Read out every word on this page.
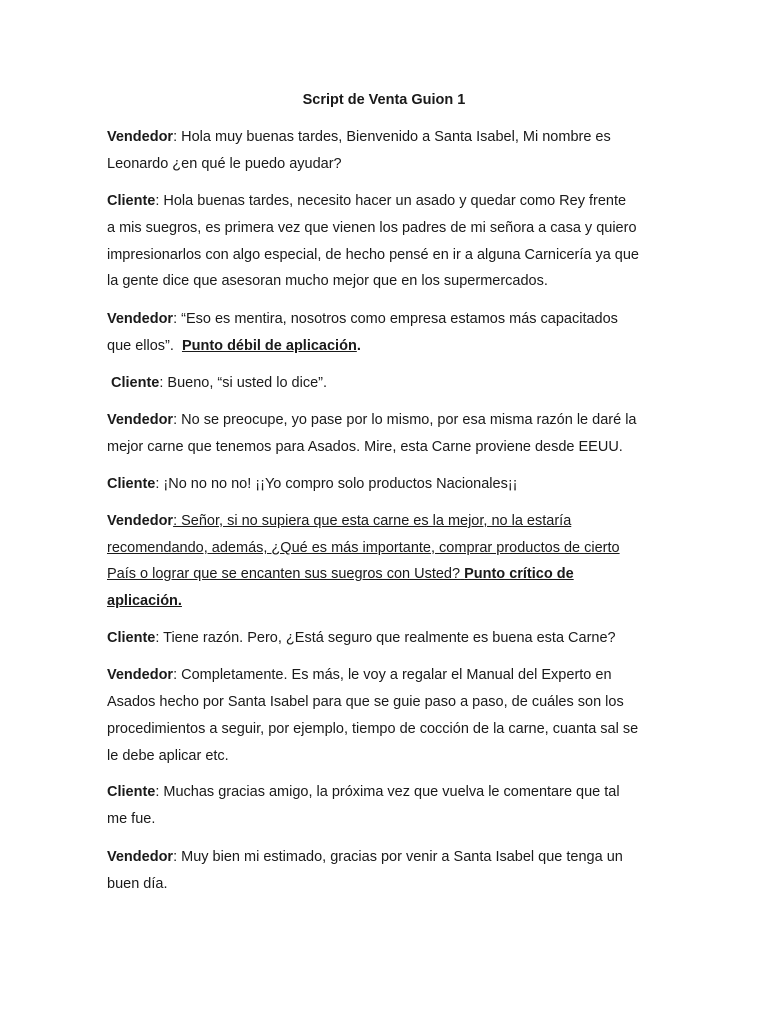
Script de Venta Guion 1
Vendedor: Hola muy buenas tardes, Bienvenido a Santa Isabel, Mi nombre es
Leonardo ¿en qué le puedo ayudar?
Cliente: Hola buenas tardes, necesito hacer un asado y quedar como Rey frente
a mis suegros, es primera vez que vienen los padres de mi señora a casa y quiero
impresionarlos con algo especial, de hecho pensé en ir a alguna Carnicería ya que
la gente dice que asesoran mucho mejor que en los supermercados.
Vendedor: “Eso es mentira, nosotros como empresa estamos más capacitados
que ellos”. Punto débil de aplicación.
Cliente: Bueno, “si usted lo dice”.
Vendedor: No se preocupe, yo pase por lo mismo, por esa misma razón le daré la
mejor carne que tenemos para Asados. Mire, esta Carne proviene desde EEUU.
Cliente: ¡No no no no! ¡¡Yo compro solo productos Nacionales¡¡
Vendedor: Señor, si no supiera que esta carne es la mejor, no la estaría
recomendando, además, ¿Qué es más importante, comprar productos de cierto
País o lograr que se encanten sus suegros con Usted? Punto crítico de
aplicación.
Cliente: Tiene razón. Pero, ¿Está seguro que realmente es buena esta Carne?
Vendedor: Completamente. Es más, le voy a regalar el Manual del Experto en
Asados hecho por Santa Isabel para que se guie paso a paso, de cuáles son los
procedimientos a seguir, por ejemplo, tiempo de cocción de la carne, cuanta sal se
le debe aplicar etc.
Cliente: Muchas gracias amigo, la próxima vez que vuelva le comentare que tal
me fue.
Vendedor: Muy bien mi estimado, gracias por venir a Santa Isabel que tenga un
buen día.
